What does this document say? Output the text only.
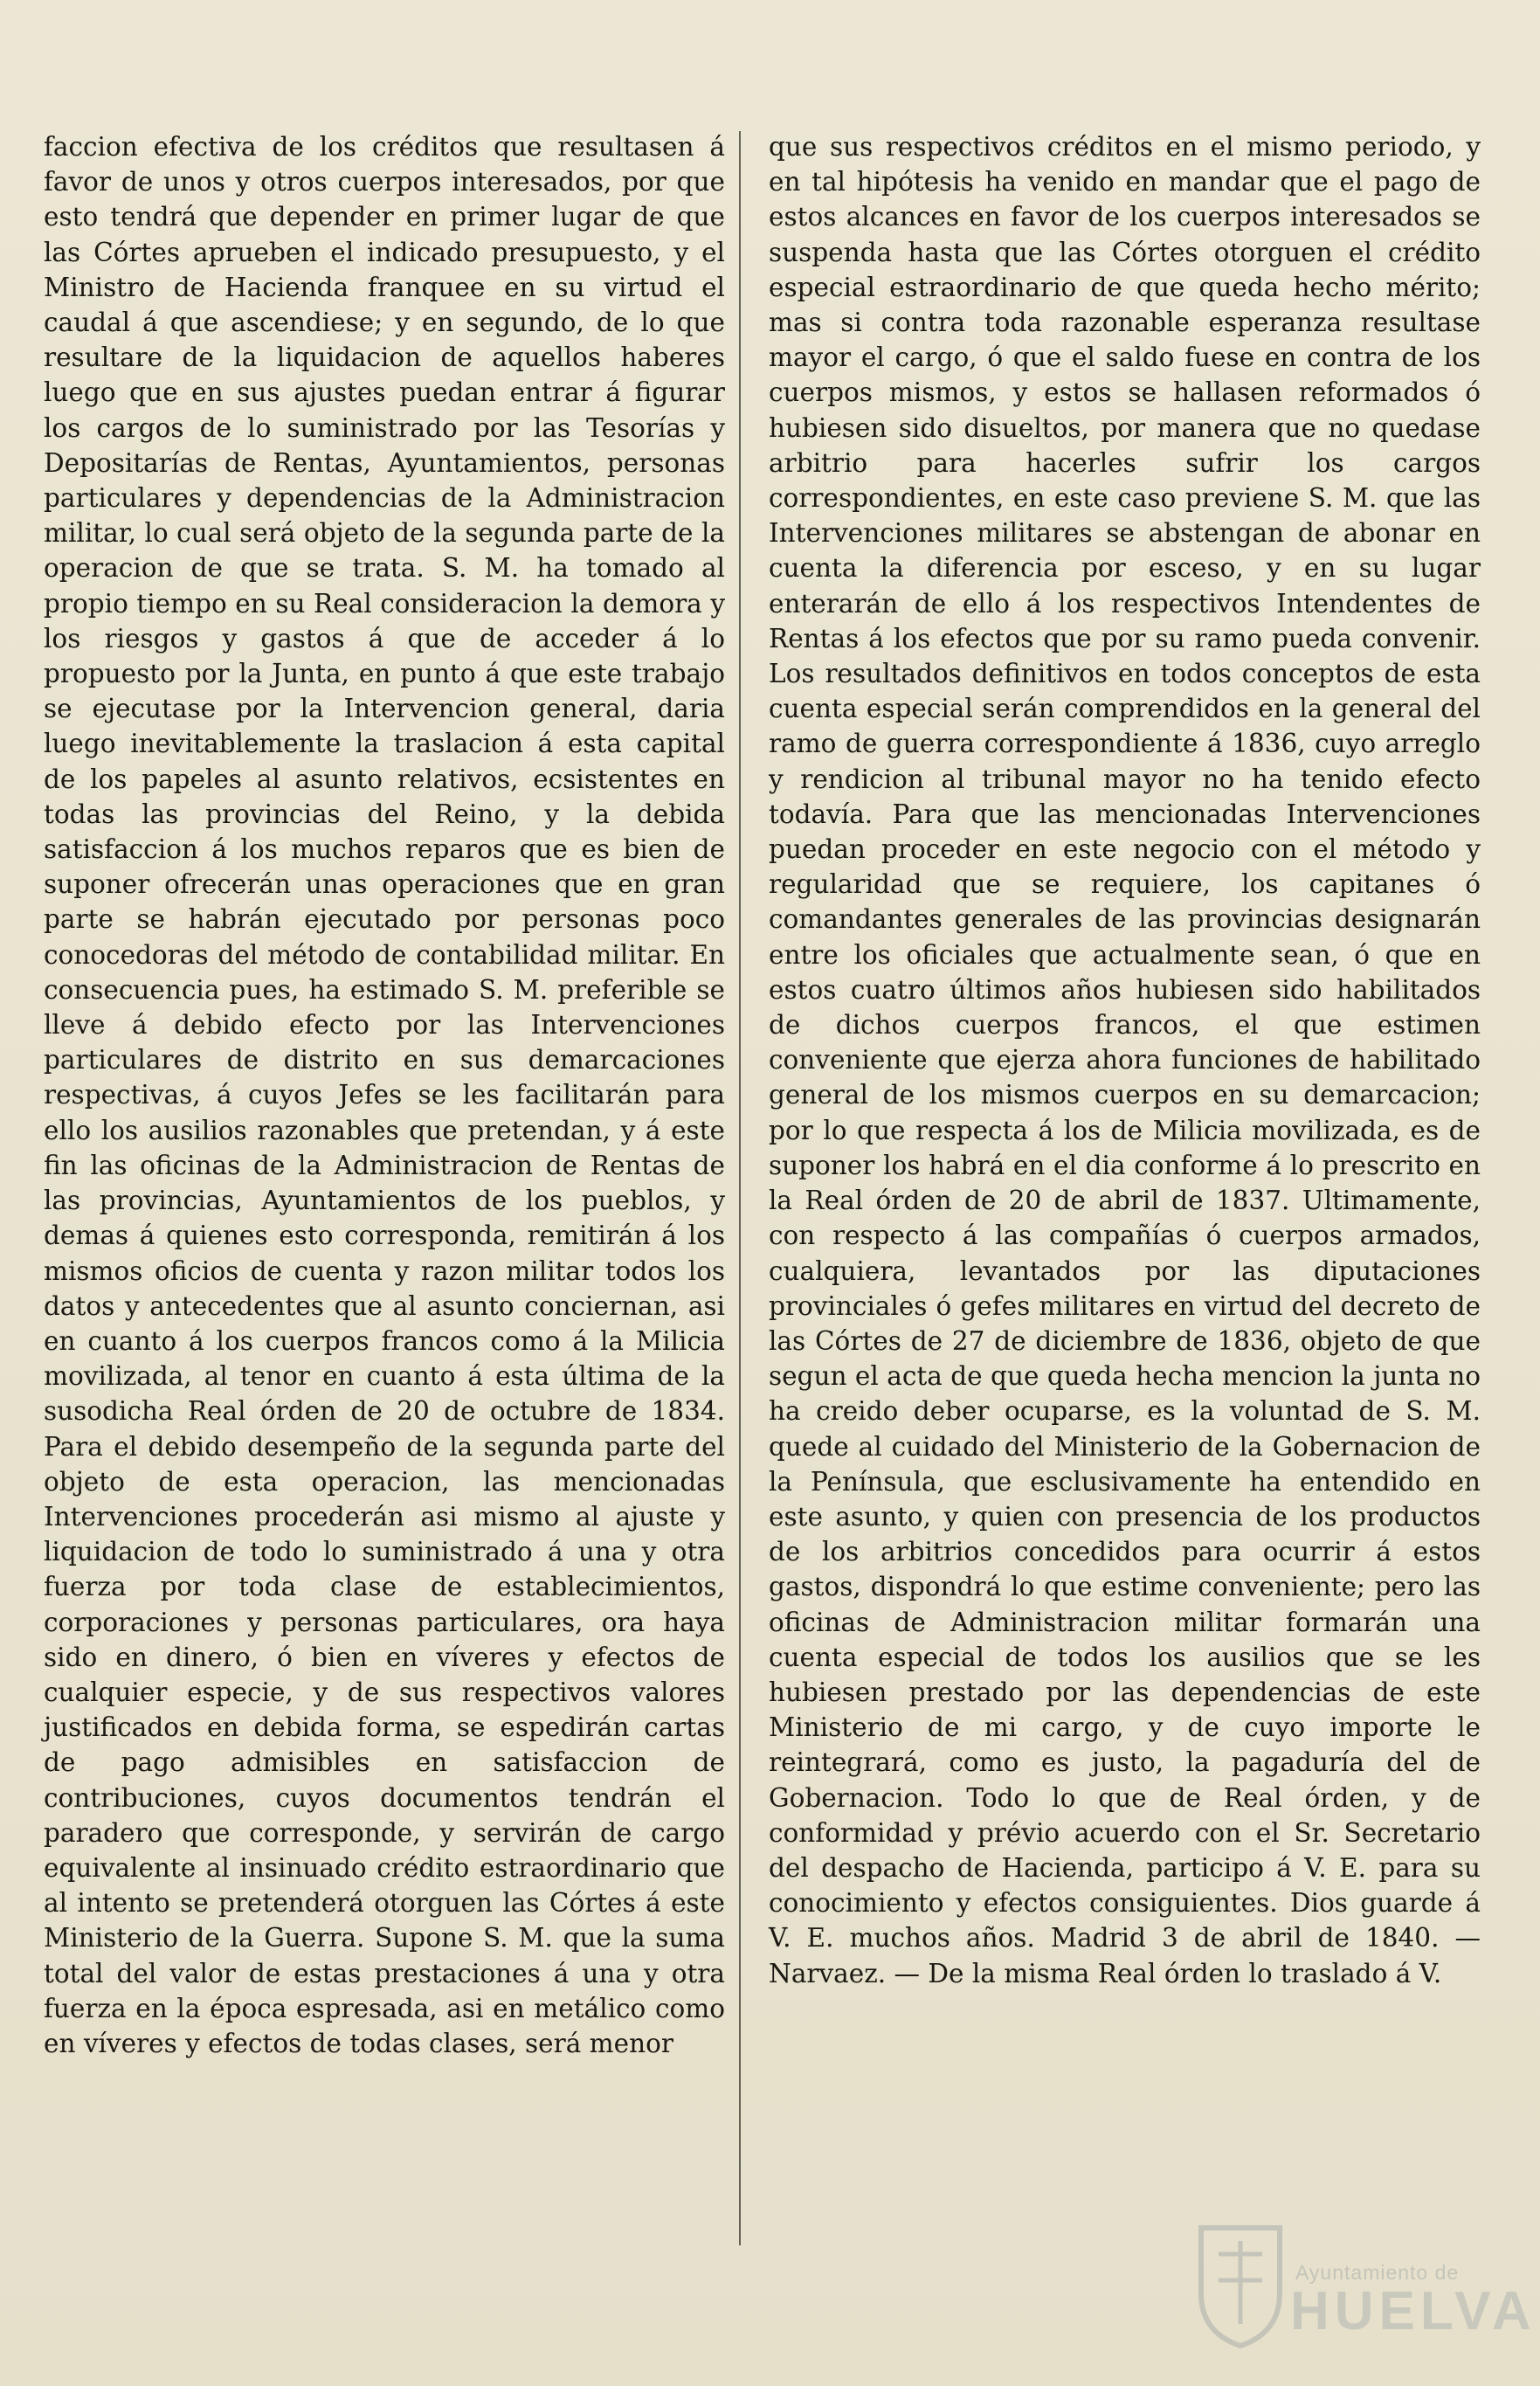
faccion efectiva de los créditos que resultasen á favor de unos y otros cuerpos interesados, por que esto tendrá que depender en primer lugar de que las Córtes aprueben el indicado presupuesto, y el Ministro de Hacienda franquee en su virtud el caudal á que ascendiese; y en segundo, de lo que resultare de la liquidacion de aquellos haberes luego que en sus ajustes puedan entrar á figurar los cargos de lo suministrado por las Tesorías y Depositarías de Rentas, Ayuntamientos, personas particulares y dependencias de la Administracion militar, lo cual será objeto de la segunda parte de la operacion de que se trata. S. M. ha tomado al propio tiempo en su Real consideracion la demora y los riesgos y gastos á que de acceder á lo propuesto por la Junta, en punto á que este trabajo se ejecutase por la Intervencion general, daria luego inevitablemente la traslacion á esta capital de los papeles al asunto relativos, ecsistentes en todas las provincias del Reino, y la debida satisfaccion á los muchos reparos que es bien de suponer ofrecerán unas operaciones que en gran parte se habrán ejecutado por personas poco conocedoras del método de contabilidad militar. En consecuencia pues, ha estimado S. M. preferible se lleve á debido efecto por las Intervenciones particulares de distrito en sus demarcaciones respectivas, á cuyos Jefes se les facilitarán para ello los ausilios razonables que pretendan, y á este fin las oficinas de la Administracion de Rentas de las provincias, Ayuntamientos de los pueblos, y demas á quienes esto corresponda, remitirán á los mismos oficios de cuenta y razon militar todos los datos y antecedentes que al asunto conciernan, asi en cuanto á los cuerpos francos como á la Milicia movilizada, al tenor en cuanto á esta última de la susodicha Real órden de 20 de octubre de 1834. Para el debido desempeño de la segunda parte del objeto de esta operacion, las mencionadas Intervenciones procederán asi mismo al ajuste y liquidacion de todo lo suministrado á una y otra fuerza por toda clase de establecimientos, corporaciones y personas particulares, ora haya sido en dinero, ó bien en víveres y efectos de cualquier especie, y de sus respectivos valores justificados en debida forma, se espedirán cartas de pago admisibles en satisfaccion de contribuciones, cuyos documentos tendrán el paradero que corresponde, y servirán de cargo equivalente al insinuado crédito estraordinario que al intento se pretenderá otorguen las Córtes á este Ministerio de la Guerra. Supone S. M. que la suma total del valor de estas prestaciones á una y otra fuerza en la época espresada, asi en metálico como en víveres y efectos de todas clases, será menor

que sus respectivos créditos en el mismo periodo, y en tal hipótesis ha venido en mandar que el pago de estos alcances en favor de los cuerpos interesados se suspenda hasta que las Córtes otorguen el crédito especial estraordinario de que queda hecho mérito; mas si contra toda razonable esperanza resultase mayor el cargo, ó que el saldo fuese en contra de los cuerpos mismos, y estos se hallasen reformados ó hubiesen sido disueltos, por manera que no quedase arbitrio para hacerles sufrir los cargos correspondientes, en este caso previene S. M. que las Intervenciones militares se abstengan de abonar en cuenta la diferencia por esceso, y en su lugar enterarán de ello á los respectivos Intendentes de Rentas á los efectos que por su ramo pueda convenir. Los resultados definitivos en todos conceptos de esta cuenta especial serán comprendidos en la general del ramo de guerra correspondiente á 1836, cuyo arreglo y rendicion al tribunal mayor no ha tenido efecto todavía. Para que las mencionadas Intervenciones puedan proceder en este negocio con el método y regularidad que se requiere, los capitanes ó comandantes generales de las provincias designarán entre los oficiales que actualmente sean, ó que en estos cuatro últimos años hubiesen sido habilitados de dichos cuerpos francos, el que estimen conveniente que ejerza ahora funciones de habilitado general de los mismos cuerpos en su demarcacion; por lo que respecta á los de Milicia movilizada, es de suponer los habrá en el dia conforme á lo prescrito en la Real órden de 20 de abril de 1837. Ultimamente, con respecto á las compañías ó cuerpos armados, cualquiera, levantados por las diputaciones provinciales ó gefes militares en virtud del decreto de las Córtes de 27 de diciembre de 1836, objeto de que segun el acta de que queda hecha mencion la junta no ha creido deber ocuparse, es la voluntad de S. M. quede al cuidado del Ministerio de la Gobernacion de la Península, que esclusivamente ha entendido en este asunto, y quien con presencia de los productos de los arbitrios concedidos para ocurrir á estos gastos, dispondrá lo que estime conveniente; pero las oficinas de Administracion militar formarán una cuenta especial de todos los ausilios que se les hubiesen prestado por las dependencias de este Ministerio de mi cargo, y de cuyo importe le reintegrará, como es justo, la pagaduría del de Gobernacion. Todo lo que de Real órden, y de conformidad y prévio acuerdo con el Sr. Secretario del despacho de Hacienda, participo á V. E. para su conocimiento y efectos consiguientes. Dios guarde á V. E. muchos años. Madrid 3 de abril de 1840. — Narvaez. — De la misma Real órden lo traslado á V.

Ayuntamiento de
HUELVA
